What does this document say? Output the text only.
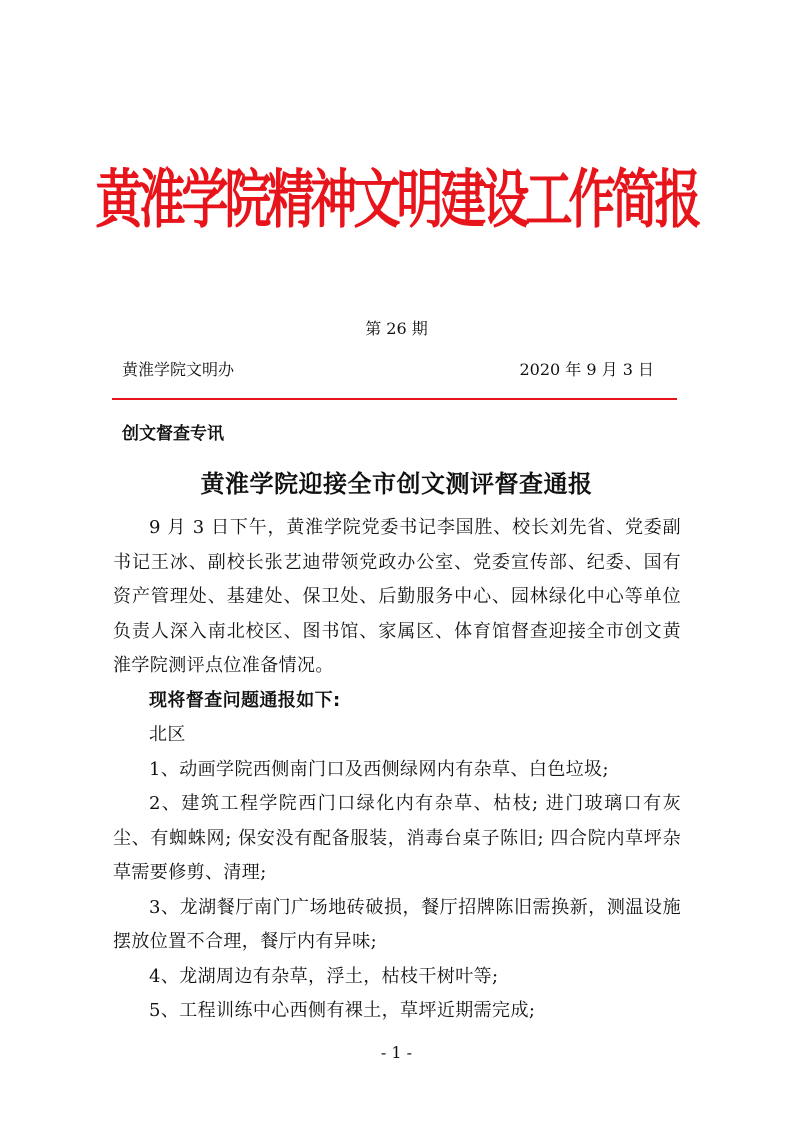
黄淮学院精神文明建设工作简报
第 26 期
黄淮学院文明办	2020 年 9 月 3 日
创文督查专讯
黄淮学院迎接全市创文测评督查通报

9 月 3 日下午，黄淮学院党委书记李国胜、校长刘先省、党委副书记王冰、副校长张艺迪带领党政办公室、党委宣传部、纪委、国有资产管理处、基建处、保卫处、后勤服务中心、园林绿化中心等单位负责人深入南北校区、图书馆、家属区、体育馆督查迎接全市创文黄淮学院测评点位准备情况。

现将督查问题通报如下:

北区

1、动画学院西侧南门口及西侧绿网内有杂草、白色垃圾;

2、建筑工程学院西门口绿化内有杂草、枯枝; 进门玻璃口有灰尘、有蜘蛛网; 保安没有配备服装，消毒台桌子陈旧; 四合院内草坪杂草需要修剪、清理;

3、龙湖餐厅南门广场地砖破损，餐厅招牌陈旧需换新，测温设施摆放位置不合理，餐厅内有异味;

4、龙湖周边有杂草，浮土，枯枝干树叶等;

5、工程训练中心西侧有裸土，草坪近期需完成;

- 1 -
